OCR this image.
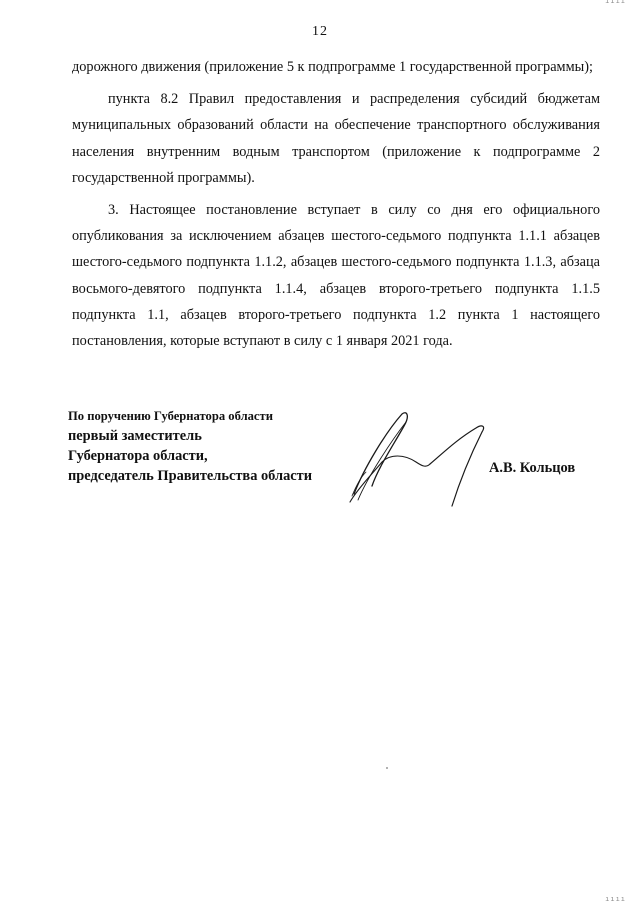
ıııı
12

дорожного движения (приложение 5 к подпрограмме 1 государственной программы);

пункта 8.2 Правил предоставления и распределения субсидий бюджетам муниципальных образований области на обеспечение транспортного обслуживания населения внутренним водным транспортом (приложение к подпрограмме 2 государственной программы).

3. Настоящее постановление вступает в силу со дня его официального опубликования за исключением абзацев шестого-седьмого подпункта 1.1.1 абзацев шестого-седьмого подпункта 1.1.2, абзацев шестого-седьмого подпункта 1.1.3, абзаца восьмого-девятого подпункта 1.1.4, абзацев второго-третьего подпункта 1.1.5 подпункта 1.1, абзацев второго-третьего подпункта 1.2 пункта 1 настоящего постановления, которые вступают в силу с 1 января 2021 года.

По поручению Губернатора области
первый заместитель
Губернатора области,
председатель Правительства области	А.В. Кольцов
ıııı
